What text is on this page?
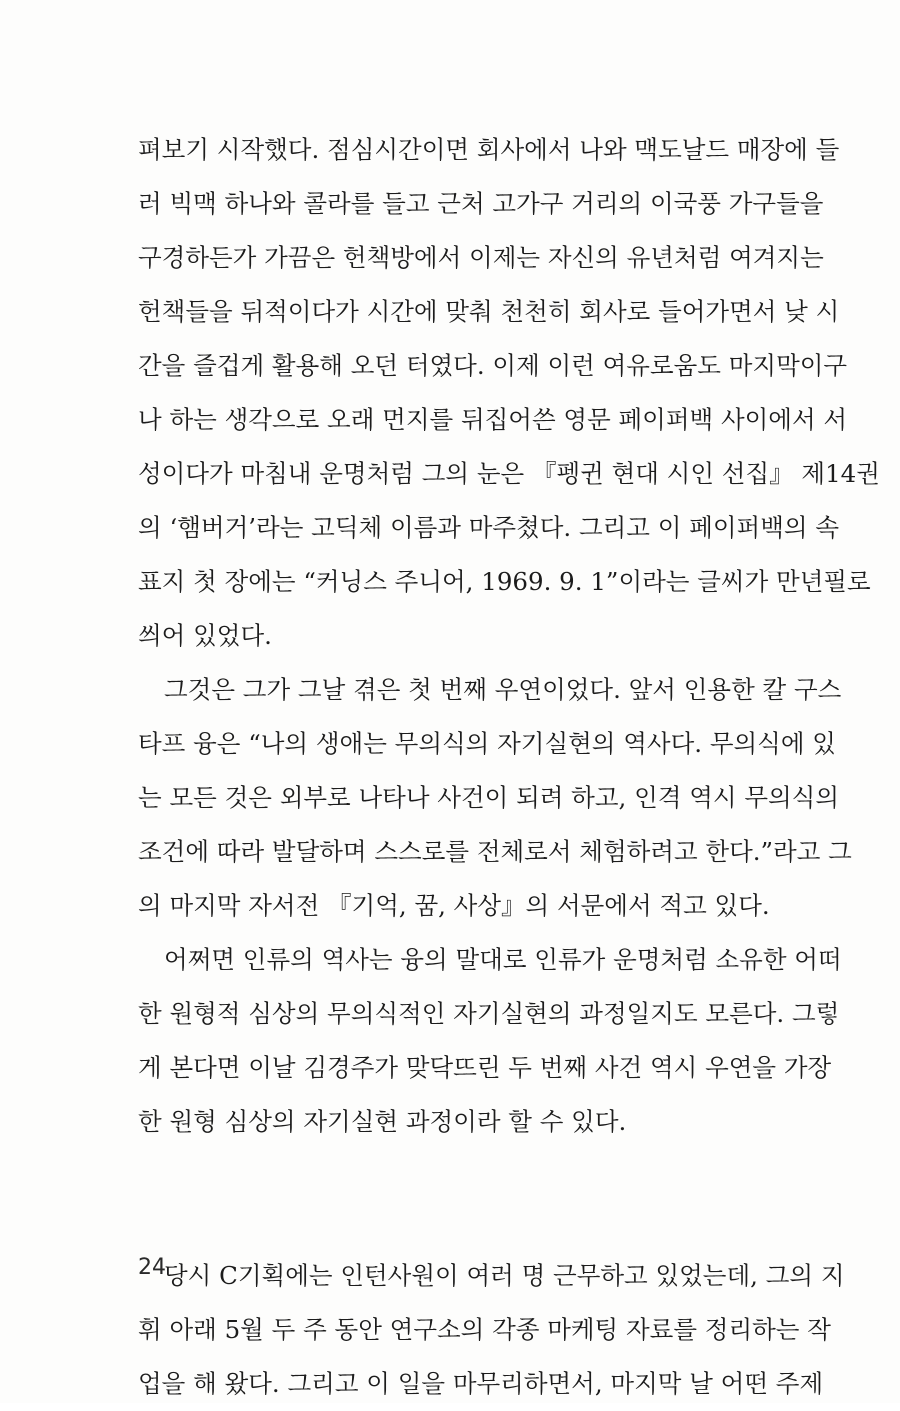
펴보기 시작했다. 점심시간이면 회사에서 나와 맥도날드 매장에 들
러 빅맥 하나와 콜라를 들고 근처 고가구 거리의 이국풍 가구들을
구경하든가 가끔은 헌책방에서 이제는 자신의 유년처럼 여겨지는
헌책들을 뒤적이다가 시간에 맞춰 천천히 회사로 들어가면서 낮 시
간을 즐겁게 활용해 오던 터였다. 이제 이런 여유로움도 마지막이구
나 하는 생각으로 오래 먼지를 뒤집어쓴 영문 페이퍼백 사이에서 서
성이다가 마침내 운명처럼 그의 눈은 『펭귄 현대 시인 선집』 제14권
의 ‘햄버거’라는 고딕체 이름과 마주쳤다. 그리고 이 페이퍼백의 속
표지 첫 장에는 “커닝스 주니어, 1969. 9. 1”이라는 글씨가 만년필로
씌어 있었다.
그것은 그가 그날 겪은 첫 번째 우연이었다. 앞서 인용한 칼 구스
타프 융은 “나의 생애는 무의식의 자기실현의 역사다. 무의식에 있
는 모든 것은 외부로 나타나 사건이 되려 하고, 인격 역시 무의식의
조건에 따라 발달하며 스스로를 전체로서 체험하려고 한다.”라고 그
의 마지막 자서전 『기억, 꿈, 사상』의 서문에서 적고 있다.
어쩌면 인류의 역사는 융의 말대로 인류가 운명처럼 소유한 어떠
한 원형적 심상의 무의식적인 자기실현의 과정일지도 모른다. 그렇
게 본다면 이날 김경주가 맞닥뜨린 두 번째 사건 역시 우연을 가장
한 원형 심상의 자기실현 과정이라 할 수 있다.
당시 C기획에는 인턴사원이 여러 명 근무하고 있었는데, 그의 지
휘 아래 5월 두 주 동안 연구소의 각종 마케팅 자료를 정리하는 작
업을 해 왔다. 그리고 이 일을 마무리하면서, 마지막 날 어떤 주제
24
